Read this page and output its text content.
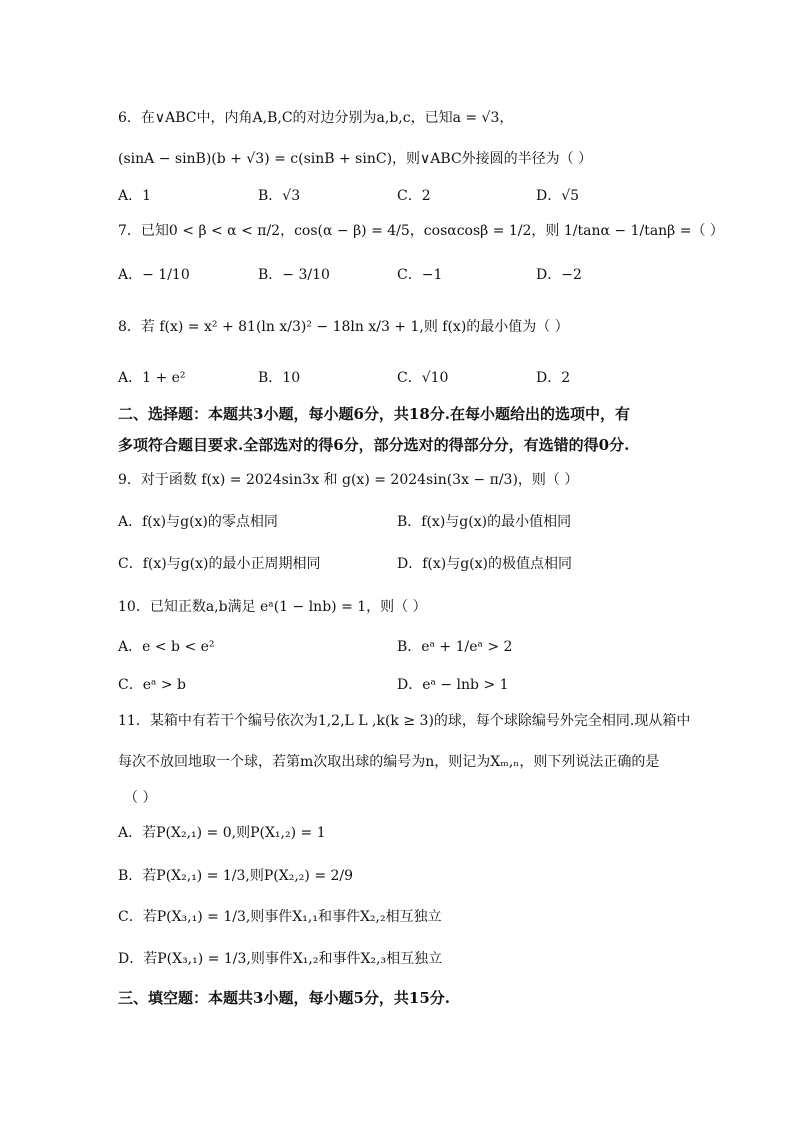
6．在∨ABC中，内角A,B,C的对边分别为a,b,c，已知a = √3，
(sinA − sinB)(b + √3) = c(sinB + sinC)，则∨ABC外接圆的半径为（ ）
A．1	B．√3	C．2	D．√5
7．已知0 < β < α < π/2，cos(α − β) = 4/5，cosαcosβ = 1/2，则 1/tanα − 1/tanβ =（ ）
A．− 1/10	B．− 3/10	C．−1	D．−2
8．若 f(x) = x² + 81(ln x/3)² − 18ln x/3 + 1,则 f(x)的最小值为（ ）
A．1 + e²	B．10	C．√10	D．2
二、选择题：本题共3小题，每小题6分，共18分.在每小题给出的选项中，有
多项符合题目要求.全部选对的得6分，部分选对的得部分分，有选错的得0分.
9．对于函数 f(x) = 2024sin3x 和 g(x) = 2024sin(3x − π/3)，则（ ）
A．f(x)与g(x)的零点相同	B．f(x)与g(x)的最小值相同
C．f(x)与g(x)的最小正周期相同	D．f(x)与g(x)的极值点相同
10．已知正数a,b满足 eᵃ(1 − lnb) = 1，则（ ）
A．e < b < e²	B．eᵃ + 1/eᵃ > 2
C．eᵃ > b	D．eᵃ − lnb > 1
11．某箱中有若干个编号依次为1,2,L L ,k(k ≥ 3)的球，每个球除编号外完全相同.现从箱中
每次不放回地取一个球，若第m次取出球的编号为n，则记为Xₘ,ₙ，则下列说法正确的是
（ ）
A．若P(X₂,₁) = 0,则P(X₁,₂) = 1
B．若P(X₂,₁) = 1/3,则P(X₂,₂) = 2/9
C．若P(X₃,₁) = 1/3,则事件X₁,₁和事件X₂,₂相互独立
D．若P(X₃,₁) = 1/3,则事件X₁,₂和事件X₂,₃相互独立
三、填空题：本题共3小题，每小题5分，共15分.
